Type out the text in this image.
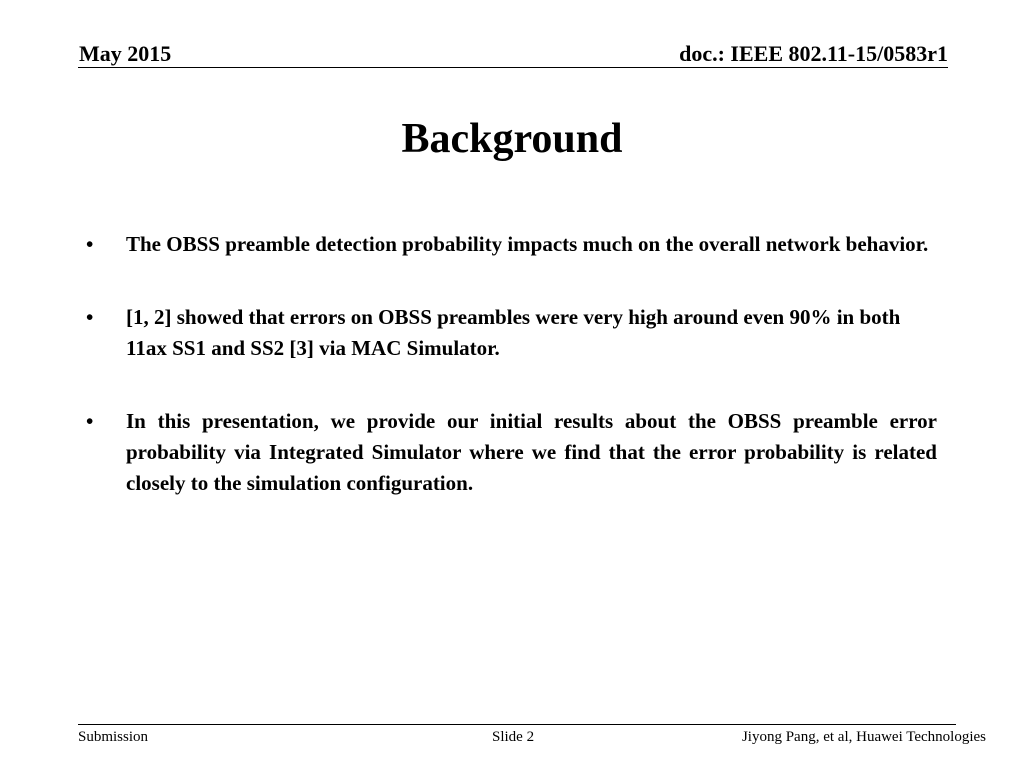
May 2015	doc.: IEEE 802.11-15/0583r1
Background
• The OBSS preamble detection probability impacts much on the overall network behavior.
• [1, 2] showed that errors on OBSS preambles were very high around even 90% in both 11ax SS1 and SS2 [3] via MAC Simulator.
• In this presentation, we provide our initial results about the OBSS preamble error probability via Integrated Simulator where we find that the error probability is related closely to the simulation configuration.
Submission	Slide 2	Jiyong Pang, et al, Huawei Technologies
